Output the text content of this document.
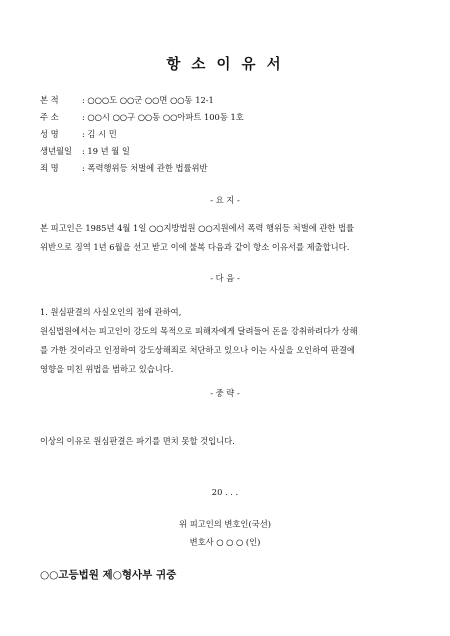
항 소 이 유 서
본 적	: ○○○도 ○○군 ○○면 ○○동 12-1
주 소	: ○○시 ○○구 ○○동 ○○아파트 100동 1호
성 명	: 김 시 민
생년월일 : 19 년 월 일
죄 명	: 폭력행위등 처벌에 관한 법률위반
- 요 지 -
본 피고인은 1985년 4월 1일 ○○지방법원 ○○지원에서 폭력 행위등 처벌에 관한 법률
위반으로 징역 1년 6월을 선고 받고 이에 불복 다음과 같이 항소 이유서를 제출합니다.
- 다 음 -
1. 원심판결의 사실오인의 점에 관하여,
원심법원에서는 피고인이 강도의 목적으로 피해자에게 달려들어 돈을 강취하려다가 상해
를 가한 것이라고 인정하여 강도상해죄로 처단하고 있으나 이는 사실을 오인하여 판결에
영향을 미친 위법을 범하고 있습니다.
- 중 략 -
이상의 이유로 원심판결은 파기를 면치 못할 것입니다.
20 . . .
위 피고인의 변호인(국선)
변호사 ○ ○ ○ (인)
○○고등법원 제○형사부 귀중
